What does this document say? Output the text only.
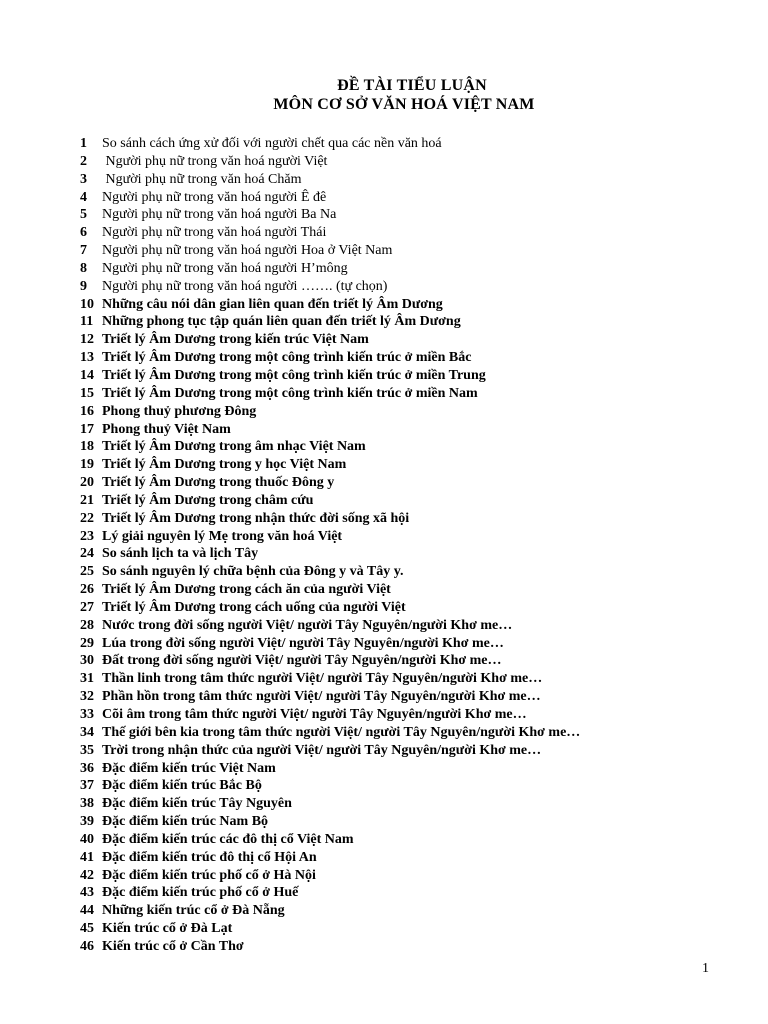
ĐỀ TÀI TIỂU LUẬN
MÔN CƠ SỞ VĂN HOÁ VIỆT NAM
1	So sánh cách ứng xử đối với người chết qua các nền văn hoá
2	Người phụ nữ trong văn hoá người Việt
3	Người phụ nữ trong văn hoá Chăm
4	Người phụ nữ trong văn hoá người Ê đê
5	Người phụ nữ trong văn hoá người Ba Na
6	Người phụ nữ trong văn hoá người Thái
7	Người phụ nữ trong văn hoá người Hoa ở Việt Nam
8	Người phụ nữ trong văn hoá người H’mông
9	Người phụ nữ trong văn hoá người ……. (tự chọn)
10 Những câu nói dân gian liên quan đến triết lý Âm Dương
11 Những phong tục tập quán liên quan đến triết lý Âm Dương
12 Triết lý Âm Dương trong kiến trúc Việt Nam
13 Triết lý Âm Dương trong một công trình kiến trúc ở miền Bắc
14 Triết lý Âm Dương trong một công trình kiến trúc ở miền Trung
15 Triết lý Âm Dương trong một công trình kiến trúc ở miền Nam
16 Phong thuỷ phương Đông
17 Phong thuỷ Việt Nam
18 Triết lý Âm Dương trong âm nhạc Việt Nam
19 Triết lý Âm Dương trong y học Việt Nam
20 Triết lý Âm Dương trong thuốc Đông y
21 Triết lý Âm Dương trong châm cứu
22 Triết lý Âm Dương trong nhận thức đời sống xã hội
23 Lý giải nguyên lý Mẹ trong văn hoá Việt
24 So sánh lịch ta và lịch Tây
25 So sánh nguyên lý chữa bệnh của Đông y và Tây y.
26 Triết lý Âm Dương trong cách ăn của người Việt
27 Triết lý Âm Dương trong cách uống của người Việt
28 Nước trong đời sống người Việt/ người Tây Nguyên/người Khơ me…
29 Lúa trong đời sống người Việt/ người Tây Nguyên/người Khơ me…
30 Đất trong đời sống người Việt/ người Tây Nguyên/người Khơ me…
31 Thần linh trong tâm thức người Việt/ người Tây Nguyên/người Khơ me…
32 Phần hồn trong tâm thức người Việt/ người Tây Nguyên/người Khơ me…
33 Cõi âm trong tâm thức người Việt/ người Tây Nguyên/người Khơ me…
34 Thế giới bên kia trong tâm thức người Việt/ người Tây Nguyên/người Khơ me…
35 Trời trong nhận thức của người Việt/ người Tây Nguyên/người Khơ me…
36 Đặc điểm kiến trúc Việt Nam
37 Đặc điểm kiến trúc Bắc Bộ
38 Đặc điểm kiến trúc Tây Nguyên
39 Đặc điểm kiến trúc Nam Bộ
40 Đặc điểm kiến trúc các đô thị cổ Việt Nam
41 Đặc điểm kiến trúc đô thị cổ Hội An
42 Đặc điểm kiến trúc phố cổ ở Hà Nội
43 Đặc điểm kiến trúc phố cổ ở Huế
44 Những kiến trúc cổ ở Đà Nẵng
45 Kiến trúc cổ ở Đà Lạt
46 Kiến trúc cổ ở Cần Thơ
1
